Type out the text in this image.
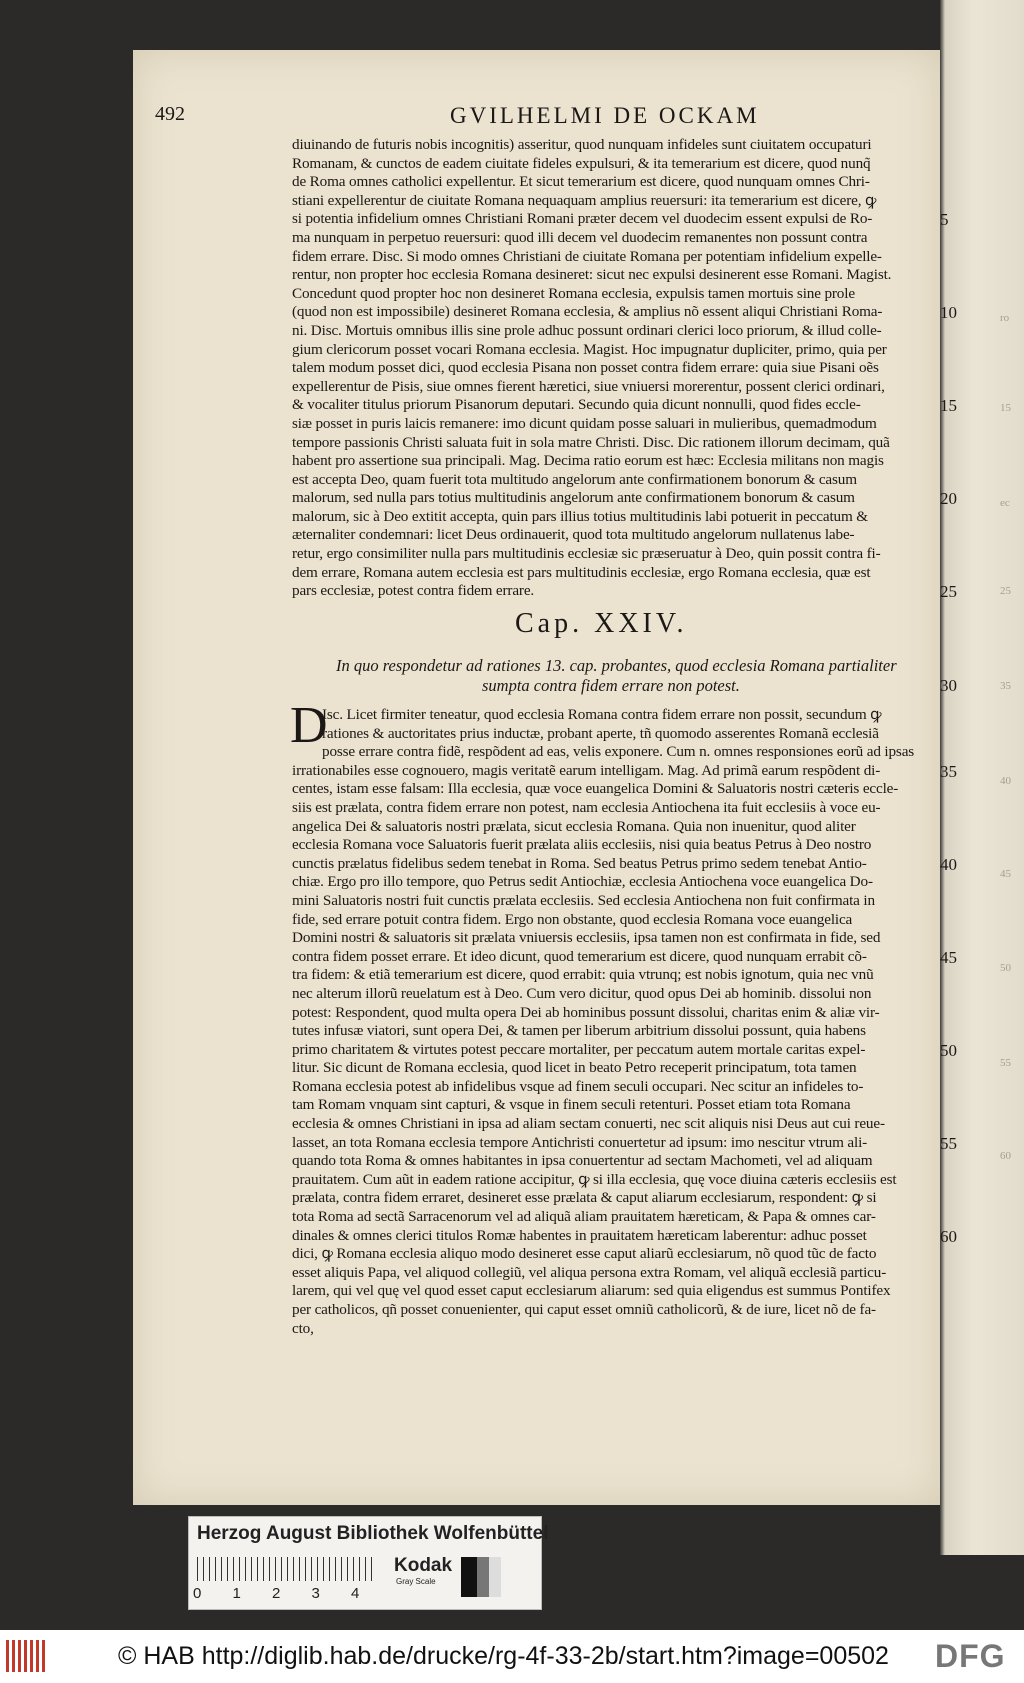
492	GVILHELMI DE OCKAM
diuinando de futuris nobis incognitis) asseritur, quod nunquam infideles sunt ciuitatem occupaturi
Romanam, & cunctos de eadem ciuitate fideles expulsuri, & ita temerarium est dicere, quod nunq̃
de Roma omnes catholici expellentur. Et sicut temerarium est dicere, quod nunquam omnes Chri-
stiani expellerentur de ciuitate Romana nequaquam amplius reuersuri: ita temerarium est dicere, ꝙ
si potentia infidelium omnes Christiani Romani præter decem vel duodecim essent expulsi de Ro-
ma nunquam in perpetuo reuersuri: quod illi decem vel duodecim remanentes non possunt contra
fidem errare. Disc. Si modo omnes Christiani de ciuitate Romana per potentiam infidelium expelle-
rentur, non propter hoc ecclesia Romana desineret: sicut nec expulsi desinerent esse Romani. Magist.
Concedunt quod propter hoc non desineret Romana ecclesia, expulsis tamen mortuis sine prole
(quod non est impossibile) desineret Romana ecclesia, & amplius nõ essent aliqui Christiani Roma-
ni. Disc. Mortuis omnibus illis sine prole adhuc possunt ordinari clerici loco priorum, & illud colle-
gium clericorum posset vocari Romana ecclesia. Magist. Hoc impugnatur dupliciter, primo, quia per
talem modum posset dici, quod ecclesia Pisana non posset contra fidem errare: quia siue Pisani oẽs
expellerentur de Pisis, siue omnes fierent hæretici, siue vniuersi morerentur, possent clerici ordinari,
& vocaliter titulus priorum Pisanorum deputari. Secundo quia dicunt nonnulli, quod fides eccle-
siæ posset in puris laicis remanere: imo dicunt quidam posse saluari in mulieribus, quemadmodum
tempore passionis Christi saluata fuit in sola matre Christi. Disc. Dic rationem illorum decimam, quã
habent pro assertione sua principali. Mag. Decima ratio eorum est hæc: Ecclesia militans non magis
est accepta Deo, quam fuerit tota multitudo angelorum ante confirmationem bonorum & casum
malorum, sed nulla pars totius multitudinis angelorum ante confirmationem bonorum & casum
malorum, sic à Deo extitit accepta, quin pars illius totius multitudinis labi potuerit in peccatum &
æternaliter condemnari: licet Deus ordinauerit, quod tota multitudo angelorum nullatenus labe-
retur, ergo consimiliter nulla pars multitudinis ecclesiæ sic præseruatur à Deo, quin possit contra fi-
dem errare, Romana autem ecclesia est pars multitudinis ecclesiæ, ergo Romana ecclesia, quæ est
pars ecclesiæ, potest contra fidem errare.
5
10
15
20
25
Cap. XXIV.
In quo respondetur ad rationes 13. cap. probantes, quod ecclesia Romana partialiter
sumpta contra fidem errare non potest.	30
D
Isc. Licet firmiter teneatur, quod ecclesia Romana contra fidem errare non possit, secundum ꝙ
rationes & auctoritates prius inductæ, probant aperte, tñ quomodo asserentes Romanã ecclesiã
posse errare contra fidẽ, respõdent ad eas, velis exponere. Cum n. omnes responsiones eorũ ad ipsas
irrationabiles esse cognouero, magis veritatẽ earum intelligam. Mag. Ad primã earum respõdent di-
centes, istam esse falsam: Illa ecclesia, quæ voce euangelica Domini & Saluatoris nostri cæteris eccle-
siis est prælata, contra fidem errare non potest, nam ecclesia Antiochena ita fuit ecclesiis à voce eu-
angelica Dei & saluatoris nostri prælata, sicut ecclesia Romana. Quia non inuenitur, quod aliter
ecclesia Romana voce Saluatoris fuerit prælata aliis ecclesiis, nisi quia beatus Petrus à Deo nostro
cunctis prælatus fidelibus sedem tenebat in Roma. Sed beatus Petrus primo sedem tenebat Antio-
chiæ. Ergo pro illo tempore, quo Petrus sedit Antiochiæ, ecclesia Antiochena voce euangelica Do-
mini Saluatoris nostri fuit cunctis prælata ecclesiis. Sed ecclesia Antiochena non fuit confirmata in
fide, sed errare potuit contra fidem. Ergo non obstante, quod ecclesia Romana voce euangelica
Domini nostri & saluatoris sit prælata vniuersis ecclesiis, ipsa tamen non est confirmata in fide, sed
contra fidem posset errare. Et ideo dicunt, quod temerarium est dicere, quod nunquam errabit cõ-
tra fidem: & etiã temerarium est dicere, quod errabit: quia vtrunq; est nobis ignotum, quia nec vnũ
nec alterum illorũ reuelatum est à Deo. Cum vero dicitur, quod opus Dei ab hominib. dissolui non
potest: Respondent, quod multa opera Dei ab hominibus possunt dissolui, charitas enim & aliæ vir-
tutes infusæ viatori, sunt opera Dei, & tamen per liberum arbitrium dissolui possunt, quia habens
primo charitatem & virtutes potest peccare mortaliter, per peccatum autem mortale caritas expel-
litur. Sic dicunt de Romana ecclesia, quod licet in beato Petro receperit principatum, tota tamen
Romana ecclesia potest ab infidelibus vsque ad finem seculi occupari. Nec scitur an infideles to-
tam Romam vnquam sint capturi, & vsque in finem seculi retenturi. Posset etiam tota Romana
ecclesia & omnes Christiani in ipsa ad aliam sectam conuerti, nec scit aliquis nisi Deus aut cui reue-
lasset, an tota Romana ecclesia tempore Antichristi conuertetur ad ipsum: imo nescitur vtrum ali-
quando tota Roma & omnes habitantes in ipsa conuertentur ad sectam Machometi, vel ad aliquam
prauitatem. Cum aũt in eadem ratione accipitur, ꝙ si illa ecclesia, quę voce diuina cæteris ecclesiis est
prælata, contra fidem erraret, desineret esse prælata & caput aliarum ecclesiarum, respondent: ꝙ si
tota Roma ad sectã Sarracenorum vel ad aliquã aliam prauitatem hæreticam, & Papa & omnes car-
dinales & omnes clerici titulos Romæ habentes in prauitatem hæreticam laberentur: adhuc posset
dici, ꝙ Romana ecclesia aliquo modo desineret esse caput aliarũ ecclesiarum, nõ quod tũc de facto
esset aliquis Papa, vel aliquod collegiũ, vel aliqua persona extra Romam, vel aliquã ecclesiã particu-
larem, qui vel quę vel quod esset caput ecclesiarum aliarum: sed quia eligendus est summus Pontifex
per catholicos, qñ posset conuenienter, qui caput esset omniũ catholicorũ, & de iure, licet nõ de fa-
cto,
35
40
45
50
55
60
ro
15
ec
25
35
40
45
50
55
60
Herzog August Bibliothek Wolfenbüttel
0 1 2 3 4
Kodak
Gray Scale
© HAB http://diglib.hab.de/drucke/rg-4f-33-2b/start.htm?image=00502 DFG
